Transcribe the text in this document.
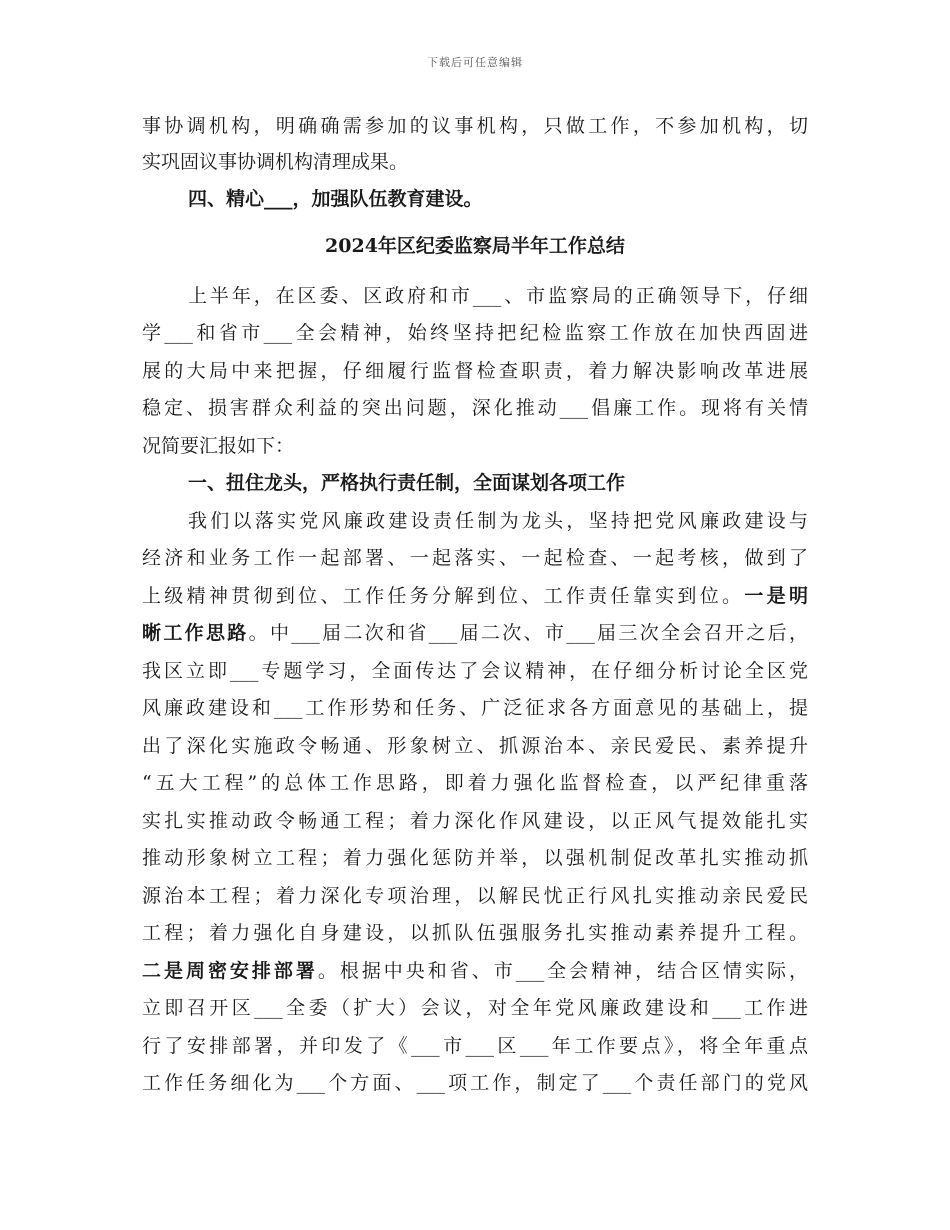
下载后可任意编辑
事协调机构，明确确需参加的议事机构，只做工作，不参加机构，切
实巩固议事协调机构清理成果。
四、精心___，加强队伍教育建设。
2024年区纪委监察局半年工作总结
上半年，在区委、区政府和市___、市监察局的正确领导下，仔细
学___和省市___全会精神，始终坚持把纪检监察工作放在加快西固进
展的大局中来把握，仔细履行监督检查职责，着力解决影响改革进展
稳定、损害群众利益的突出问题，深化推动___倡廉工作。现将有关情
况简要汇报如下：
一、扭住龙头，严格执行责任制，全面谋划各项工作
我们以落实党风廉政建设责任制为龙头，坚持把党风廉政建设与
经济和业务工作一起部署、一起落实、一起检查、一起考核，做到了
上级精神贯彻到位、工作任务分解到位、工作责任靠实到位。一是明
晰工作思路。中___届二次和省___届二次、市___届三次全会召开之后，
我区立即___专题学习，全面传达了会议精神，在仔细分析讨论全区党
风廉政建设和___工作形势和任务、广泛征求各方面意见的基础上，提
出了深化实施政令畅通、形象树立、抓源治本、亲民爱民、素养提升
“五大工程”的总体工作思路，即着力强化监督检查，以严纪律重落
实扎实推动政令畅通工程；着力深化作风建设，以正风气提效能扎实
推动形象树立工程；着力强化惩防并举，以强机制促改革扎实推动抓
源治本工程；着力深化专项治理，以解民忧正行风扎实推动亲民爱民
工程；着力强化自身建设，以抓队伍强服务扎实推动素养提升工程。
二是周密安排部署。根据中央和省、市___全会精神，结合区情实际，
立即召开区___全委（扩大）会议，对全年党风廉政建设和___工作进
行了安排部署，并印发了《___市___区___年工作要点》，将全年重点
工作任务细化为___个方面、___项工作，制定了___个责任部门的党风
